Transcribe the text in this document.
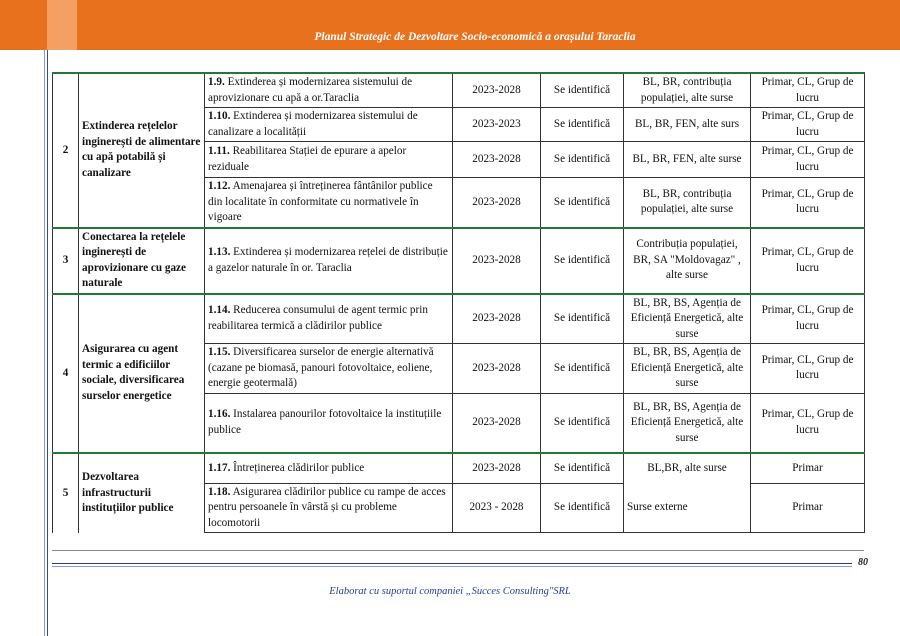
Planul Strategic de Dezvoltare Socio-economică a orașului Taraclia
2	Extinderea rețelelor inginerești de alimentare cu apă potabilă și canalizare	1.9. Extinderea și modernizarea sistemului de aprovizionare cu apă a or.Taraclia	2023-2028	Se identifică	BL, BR, contribuția populației, alte surse	Primar, CL, Grup de lucru
		1.10. Extinderea și modernizarea sistemului de canalizare a localității	2023-2023	Se identifică	BL, BR, FEN, alte surs	Primar, CL, Grup de lucru
		1.11. Reabilitarea Stației de epurare a apelor reziduale	2023-2028	Se identifică	BL, BR, FEN, alte surse	Primar, CL, Grup de lucru
		1.12. Amenajarea și întreținerea fântânilor publice din localitate în conformitate cu normativele în vigoare	2023-2028	Se identifică	BL, BR, contribuția populației, alte surse	Primar, CL, Grup de lucru
3	Conectarea la rețelele inginerești de aprovizionare cu gaze naturale	1.13. Extinderea și modernizarea rețelei de distribuție a gazelor naturale în or. Taraclia	2023-2028	Se identifică	Contribuția populației, BR, SA "Moldovagaz" , alte surse	Primar, CL, Grup de lucru
4	Asigurarea cu agent termic a edificiilor sociale, diversificarea surselor energetice	1.14. Reducerea consumului de agent termic prin reabilitarea termică a clădirilor publice	2023-2028	Se identifică	BL, BR, BS, Agenția de Eficiență Energetică, alte surse	Primar, CL, Grup de lucru
		1.15. Diversificarea surselor de energie alternativă (cazane pe biomasă, panouri fotovoltaice, eoliene, energie geotermală)	2023-2028	Se identifică	BL, BR, BS, Agenția de Eficiență Energetică, alte surse	Primar, CL, Grup de lucru
		1.16. Instalarea panourilor fotovoltaice la instituțiile publice	2023-2028	Se identifică	BL, BR, BS, Agenția de Eficiență Energetică, alte surse	Primar, CL, Grup de lucru
5	Dezvoltarea infrastructurii instituțiilor publice	1.17. Întreținerea clădirilor publice	2023-2028	Se identifică	BL,BR, alte surse	Primar
		1.18. Asigurarea clădirilor publice cu rampe de acces pentru persoanele în vârstă și cu probleme locomotorii	2023 - 2028	Se identifică	Surse externe	Primar
80
Elaborat cu suportul companiei „Succes Consulting"SRL
